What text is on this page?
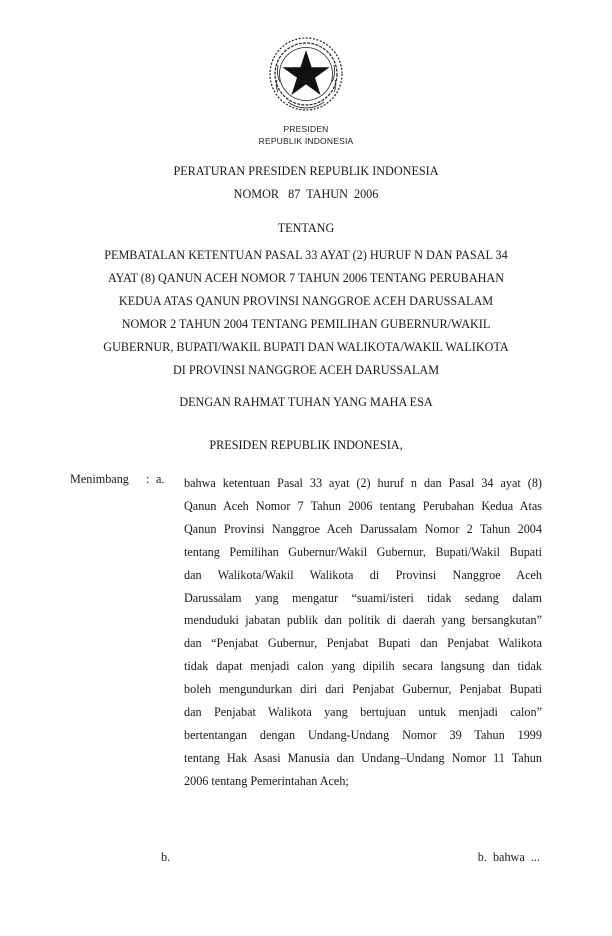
PRESIDEN
REPUBLIK INDONESIA
PERATURAN PRESIDEN REPUBLIK INDONESIA
NOMOR   87  TAHUN  2006
TENTANG
PEMBATALAN KETENTUAN PASAL 33 AYAT (2) HURUF N DAN PASAL 34
AYAT (8) QANUN ACEH NOMOR 7 TAHUN 2006 TENTANG PERUBAHAN
KEDUA ATAS QANUN PROVINSI NANGGROE ACEH DARUSSALAM
NOMOR 2 TAHUN 2004 TENTANG PEMILIHAN GUBERNUR/WAKIL
GUBERNUR, BUPATI/WAKIL BUPATI DAN WALIKOTA/WAKIL WALIKOTA
DI PROVINSI NANGGROE ACEH DARUSSALAM
DENGAN RAHMAT TUHAN YANG MAHA ESA
PRESIDEN REPUBLIK INDONESIA,
Menimbang : a. bahwa ketentuan Pasal 33 ayat (2) huruf n dan Pasal 34 ayat (8)
Qanun Aceh Nomor 7 Tahun 2006 tentang Perubahan Kedua Atas
Qanun Provinsi Nanggroe Aceh Darussalam Nomor 2 Tahun 2004
tentang Pemilihan Gubernur/Wakil Gubernur, Bupati/Wakil Bupati
dan Walikota/Wakil Walikota di Provinsi Nanggroe Aceh
Darussalam yang mengatur “suami/isteri tidak sedang dalam
menduduki jabatan publik dan politik di daerah yang bersangkutan”
dan “Penjabat Gubernur, Penjabat Bupati dan Penjabat Walikota
tidak dapat menjadi calon yang dipilih secara langsung dan tidak
boleh mengundurkan diri dari Penjabat Gubernur, Penjabat Bupati
dan Penjabat Walikota yang bertujuan untuk menjadi calon”
bertentangan dengan Undang-Undang Nomor 39 Tahun 1999
tentang Hak Asasi Manusia dan Undang–Undang Nomor 11 Tahun
2006 tentang Pemerintahan Aceh;
b.	b.  bahwa  ...
